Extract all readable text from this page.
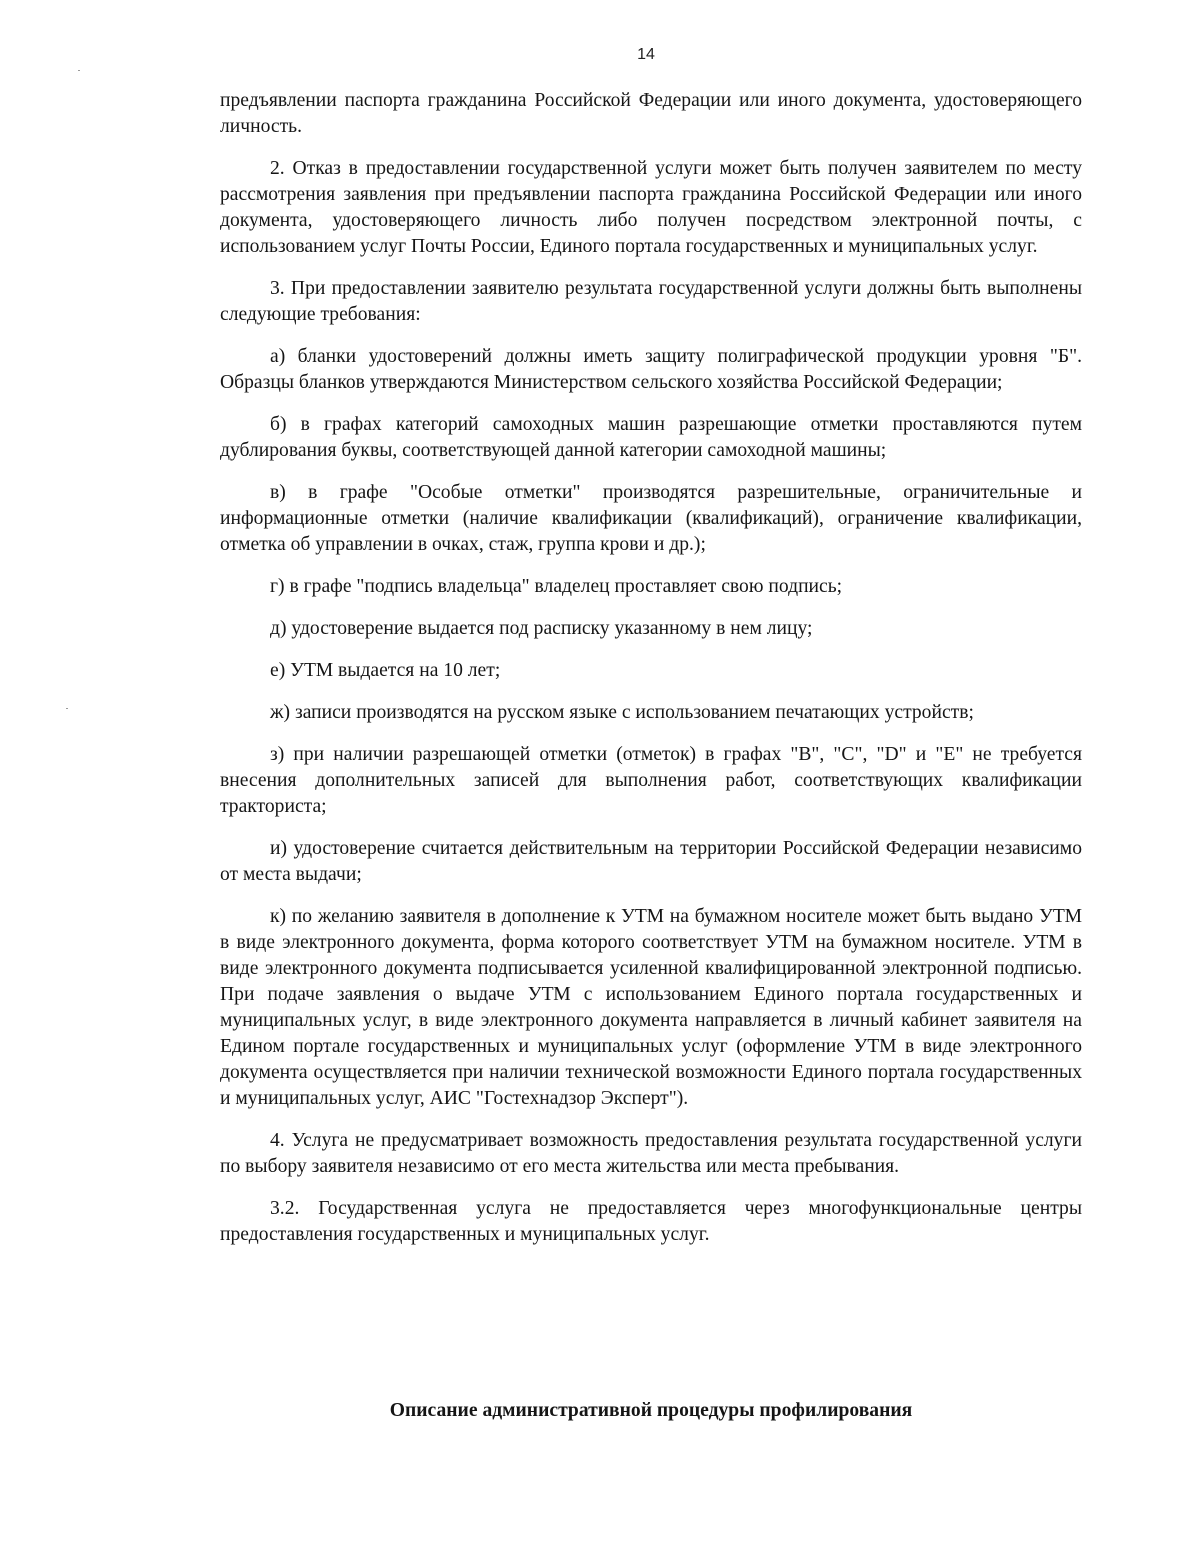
14

предъявлении паспорта гражданина Российской Федерации или иного документа, удостоверяющего личность.

2. Отказ в предоставлении государственной услуги может быть получен заявителем по месту рассмотрения заявления при предъявлении паспорта гражданина Российской Федерации или иного документа, удостоверяющего личность либо получен посредством электронной почты, с использованием услуг Почты России, Единого портала государственных и муниципальных услуг.

3. При предоставлении заявителю результата государственной услуги должны быть выполнены следующие требования:

а) бланки удостоверений должны иметь защиту полиграфической продукции уровня "Б". Образцы бланков утверждаются Министерством сельского хозяйства Российской Федерации;

б) в графах категорий самоходных машин разрешающие отметки проставляются путем дублирования буквы, соответствующей данной категории самоходной машины;

в) в графе "Особые отметки" производятся разрешительные, ограничительные и информационные отметки (наличие квалификации (квалификаций), ограничение квалификации, отметка об управлении в очках, стаж, группа крови и др.);

г) в графе "подпись владельца" владелец проставляет свою подпись;

д) удостоверение выдается под расписку указанному в нем лицу;

е) УТМ выдается на 10 лет;

ж) записи производятся на русском языке с использованием печатающих устройств;

з) при наличии разрешающей отметки (отметок) в графах "В", "С", "D" и "Е" не требуется внесения дополнительных записей для выполнения работ, соответствующих квалификации тракториста;

и) удостоверение считается действительным на территории Российской Федерации независимо от места выдачи;

к) по желанию заявителя в дополнение к УТМ на бумажном носителе может быть выдано УТМ в виде электронного документа, форма которого соответствует УТМ на бумажном носителе. УТМ в виде электронного документа подписывается усиленной квалифицированной электронной подписью. При подаче заявления о выдаче УТМ с использованием Единого портала государственных и муниципальных услуг, в виде электронного документа направляется в личный кабинет заявителя на Едином портале государственных и муниципальных услуг (оформление УТМ в виде электронного документа осуществляется при наличии технической возможности Единого портала государственных и муниципальных услуг, АИС "Гостехнадзор Эксперт").

4. Услуга не предусматривает возможность предоставления результата государственной услуги по выбору заявителя независимо от его места жительства или места пребывания.

3.2. Государственная услуга не предоставляется через многофункциональные центры предоставления государственных и муниципальных услуг.

Описание административной процедуры профилирования
